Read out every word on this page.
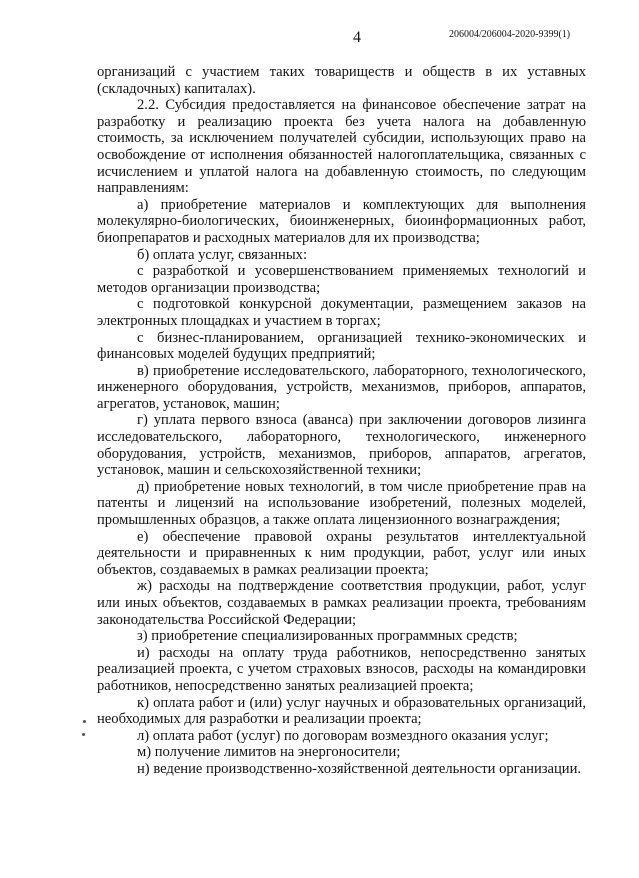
4	206004/206004-2020-9399(1)

организаций с участием таких товариществ и обществ в их уставных (складочных) капиталах).

2.2. Субсидия предоставляется на финансовое обеспечение затрат на разработку и реализацию проекта без учета налога на добавленную стоимость, за исключением получателей субсидии, использующих право на освобождение от исполнения обязанностей налогоплательщика, связанных с исчислением и уплатой налога на добавленную стоимость, по следующим направлениям:

а) приобретение материалов и комплектующих для выполнения молекулярно-биологических, биоинженерных, биоинформационных работ, биопрепаратов и расходных материалов для их производства;

б) оплата услуг, связанных:

с разработкой и усовершенствованием применяемых технологий и методов организации производства;

с подготовкой конкурсной документации, размещением заказов на электронных площадках и участием в торгах;

с бизнес-планированием, организацией технико-экономических и финансовых моделей будущих предприятий;

в) приобретение исследовательского, лабораторного, технологического, инженерного оборудования, устройств, механизмов, приборов, аппаратов, агрегатов, установок, машин;

г) уплата первого взноса (аванса) при заключении договоров лизинга исследовательского, лабораторного, технологического, инженерного оборудования, устройств, механизмов, приборов, аппаратов, агрегатов, установок, машин и сельскохозяйственной техники;

д) приобретение новых технологий, в том числе приобретение прав на патенты и лицензий на использование изобретений, полезных моделей, промышленных образцов, а также оплата лицензионного вознаграждения;

е) обеспечение правовой охраны результатов интеллектуальной деятельности и приравненных к ним продукции, работ, услуг или иных объектов, создаваемых в рамках реализации проекта;

ж) расходы на подтверждение соответствия продукции, работ, услуг или иных объектов, создаваемых в рамках реализации проекта, требованиям законодательства Российской Федерации;

з) приобретение специализированных программных средств;

и) расходы на оплату труда работников, непосредственно занятых реализацией проекта, с учетом страховых взносов, расходы на командировки работников, непосредственно занятых реализацией проекта;

к) оплата работ и (или) услуг научных и образовательных организаций, необходимых для разработки и реализации проекта;

л) оплата работ (услуг) по договорам возмездного оказания услуг;

м) получение лимитов на энергоносители;

н) ведение производственно-хозяйственной деятельности организации.
